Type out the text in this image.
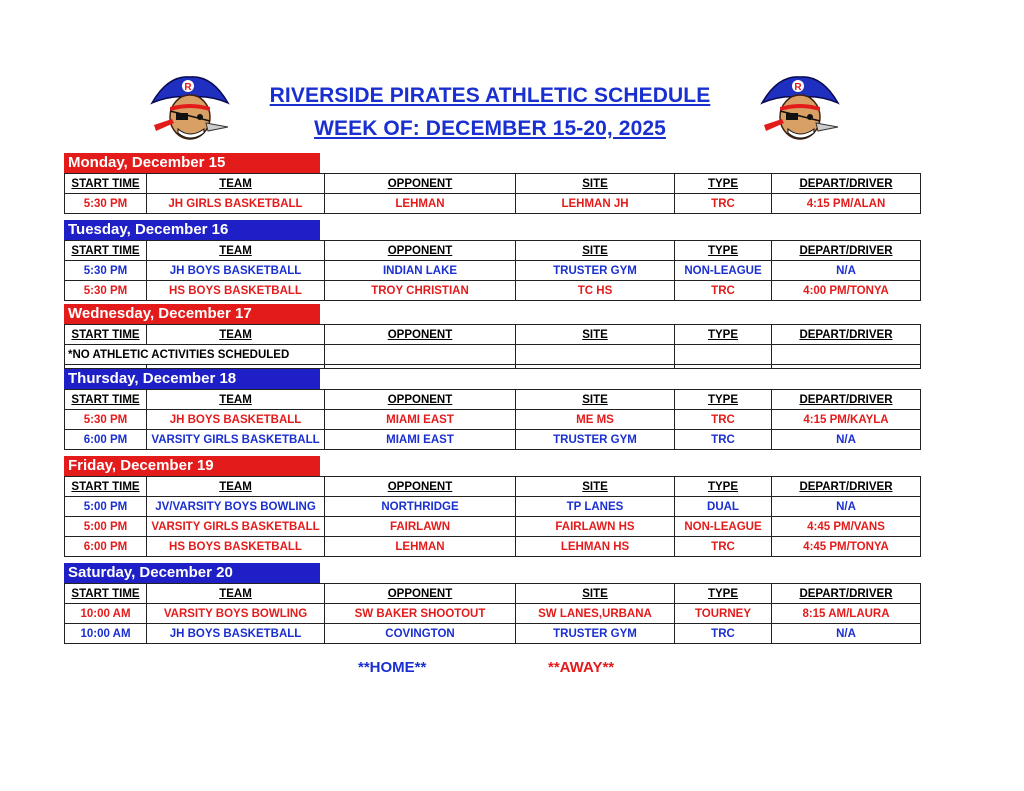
R	R
RIVERSIDE PIRATES ATHLETIC SCHEDULE
WEEK OF: DECEMBER 15-20, 2025
Monday, December 15
START TIME	TEAM	OPPONENT	SITE	TYPE	DEPART/DRIVER
5:30 PM	JH GIRLS BASKETBALL	LEHMAN	LEHMAN JH	TRC	4:15 PM/ALAN
Tuesday, December 16
START TIME	TEAM	OPPONENT	SITE	TYPE	DEPART/DRIVER
5:30 PM	JH BOYS BASKETBALL	INDIAN LAKE	TRUSTER GYM	NON-LEAGUE	N/A
5:30 PM	HS BOYS BASKETBALL	TROY CHRISTIAN	TC HS	TRC	4:00 PM/TONYA
Wednesday, December 17
START TIME	TEAM	OPPONENT	SITE	TYPE	DEPART/DRIVER
*NO ATHLETIC ACTIVITIES SCHEDULED					

Thursday, December 18
START TIME	TEAM	OPPONENT	SITE	TYPE	DEPART/DRIVER
5:30 PM	JH BOYS BASKETBALL	MIAMI EAST	ME MS	TRC	4:15 PM/KAYLA
6:00 PM	VARSITY GIRLS BASKETBALL	MIAMI EAST	TRUSTER GYM	TRC	N/A
Friday, December 19
START TIME	TEAM	OPPONENT	SITE	TYPE	DEPART/DRIVER
5:00 PM	JV/VARSITY BOYS BOWLING	NORTHRIDGE	TP LANES	DUAL	N/A
5:00 PM	VARSITY GIRLS BASKETBALL	FAIRLAWN	FAIRLAWN HS	NON-LEAGUE	4:45 PM/VANS
6:00 PM	HS BOYS BASKETBALL	LEHMAN	LEHMAN HS	TRC	4:45 PM/TONYA
Saturday, December 20
START TIME	TEAM	OPPONENT	SITE	TYPE	DEPART/DRIVER
10:00 AM	VARSITY BOYS BOWLING	SW BAKER SHOOTOUT	SW LANES,URBANA	TOURNEY	8:15 AM/LAURA
10:00 AM	JH BOYS BASKETBALL	COVINGTON	TRUSTER GYM	TRC	N/A
**HOME**	**AWAY**
